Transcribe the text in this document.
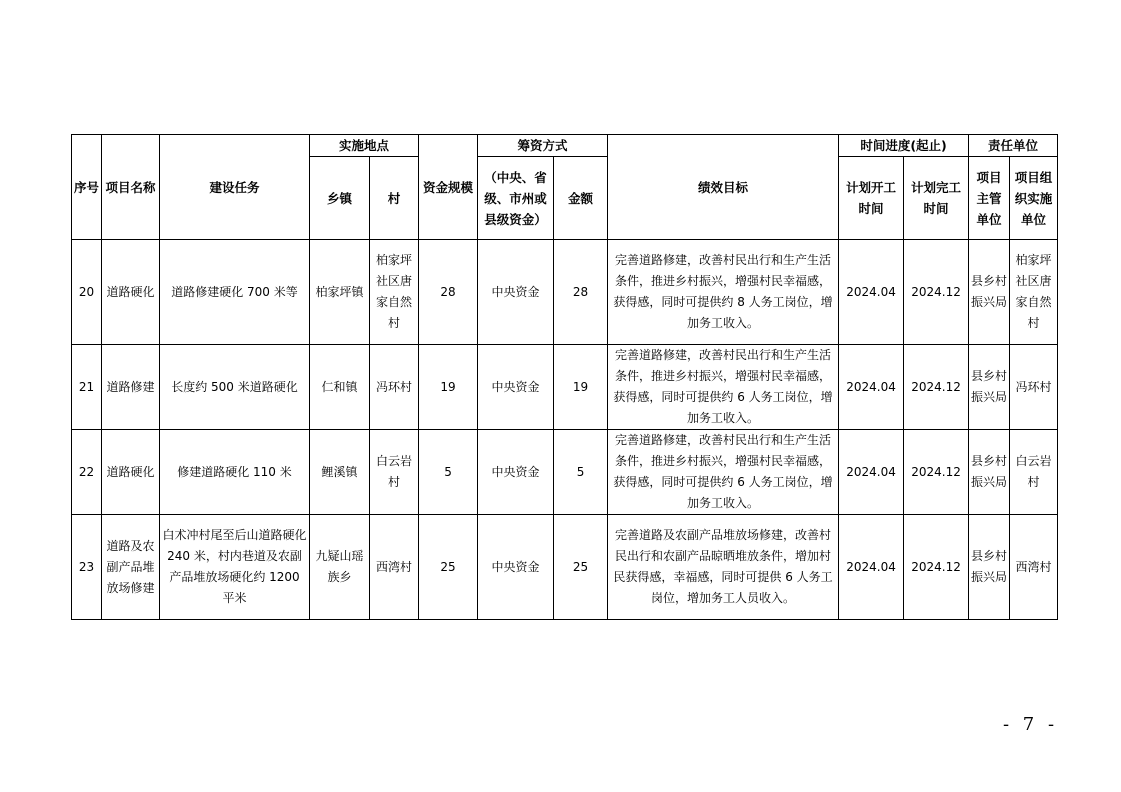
序号	项目名称	建设任务	实施地点		资金规模	筹资方式		绩效目标	时间进度(起止)		责任单位	
			乡镇	村		（中央、省级、市州或县级资金）	金额		计划开工时间	计划完工时间	项目主管单位	项目组织实施单位
20	道路硬化	道路修建硬化 700 米等	柏家坪镇	柏家坪社区唐家自然村	28	中央资金	28	完善道路修建，改善村民出行和生产生活条件，推进乡村振兴，增强村民幸福感，获得感，同时可提供约 8 人务工岗位，增加务工收入。	2024.04	2024.12	县乡村振兴局	柏家坪社区唐家自然村
21	道路修建	长度约 500 米道路硬化	仁和镇	冯环村	19	中央资金	19	完善道路修建，改善村民出行和生产生活条件，推进乡村振兴，增强村民幸福感，获得感，同时可提供约 6 人务工岗位，增加务工收入。	2024.04	2024.12	县乡村振兴局	冯环村
22	道路硬化	修建道路硬化 110 米	鲤溪镇	白云岩村	5	中央资金	5	完善道路修建，改善村民出行和生产生活条件，推进乡村振兴，增强村民幸福感，获得感，同时可提供约 6 人务工岗位，增加务工收入。	2024.04	2024.12	县乡村振兴局	白云岩村
23	道路及农副产品堆放场修建	白术冲村尾至后山道路硬化 240 米，村内巷道及农副产品堆放场硬化约 1200 平米	九疑山瑶族乡	西湾村	25	中央资金	25	完善道路及农副产品堆放场修建，改善村民出行和农副产品晾晒堆放条件，增加村民获得感，幸福感，同时可提供 6 人务工岗位，增加务工人员收入。	2024.04	2024.12	县乡村振兴局	西湾村
- 7 -
